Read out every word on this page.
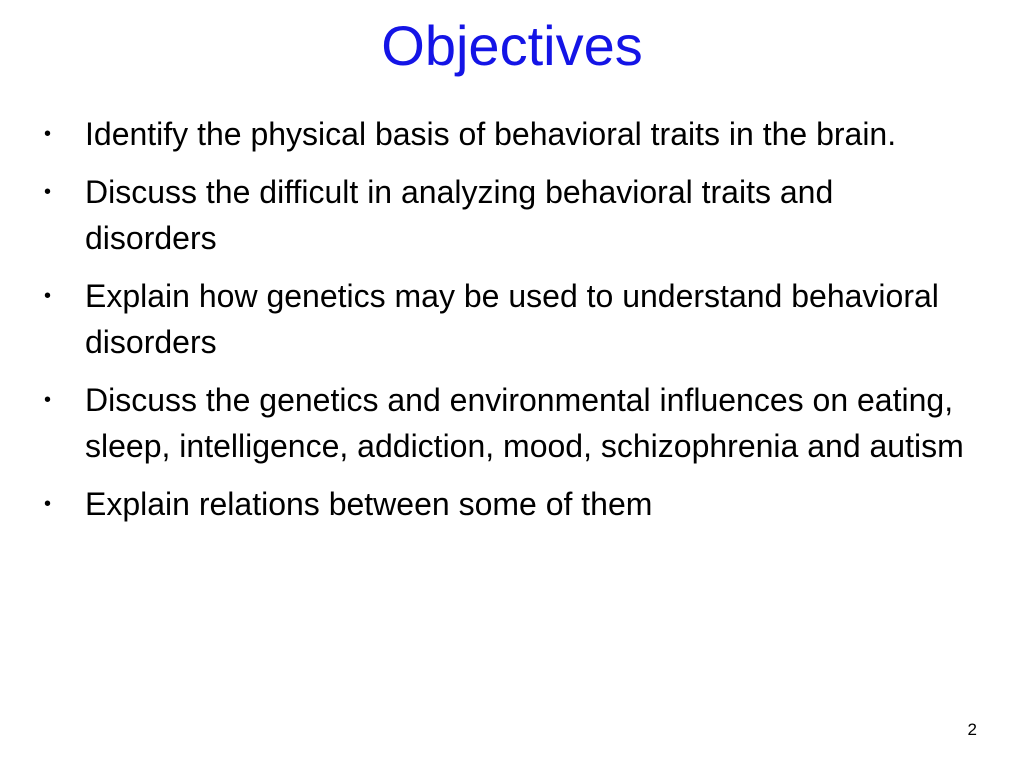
Objectives
• Identify the physical basis of behavioral traits in the brain.
• Discuss the difficult in analyzing behavioral traits and disorders
• Explain how genetics may be used to understand behavioral disorders
• Discuss the genetics and environmental influences on eating, sleep, intelligence, addiction, mood, schizophrenia and autism
• Explain relations between some of them
2
